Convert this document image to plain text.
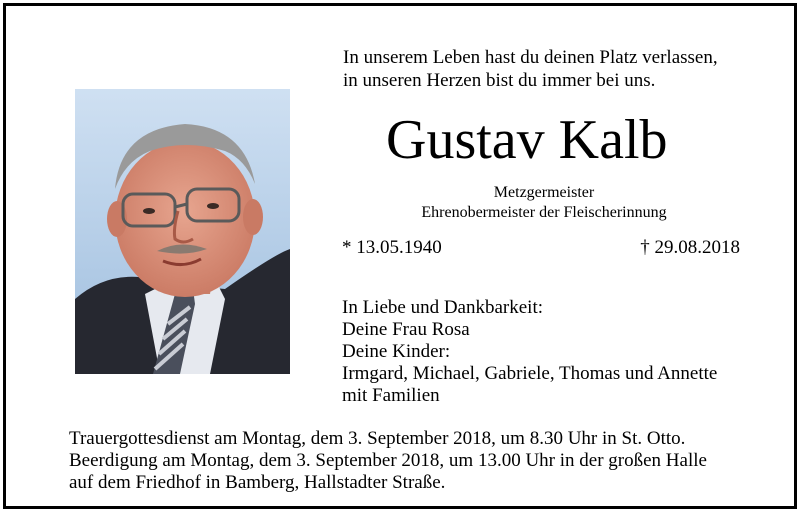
In unserem Leben hast du deinen Platz verlassen,
in unseren Herzen bist du immer bei uns.
Gustav Kalb
Metzgermeister
Ehrenobermeister der Fleischerinnung
* 13.05.1940	† 29.08.2018
In Liebe und Dankbarkeit:
Deine Frau Rosa
Deine Kinder:
Irmgard, Michael, Gabriele, Thomas und Annette
mit Familien
Trauergottesdienst am Montag, dem 3. September 2018, um 8.30 Uhr in St. Otto.
Beerdigung am Montag, dem 3. September 2018, um 13.00 Uhr in der großen Halle
auf dem Friedhof in Bamberg, Hallstadter Straße.
